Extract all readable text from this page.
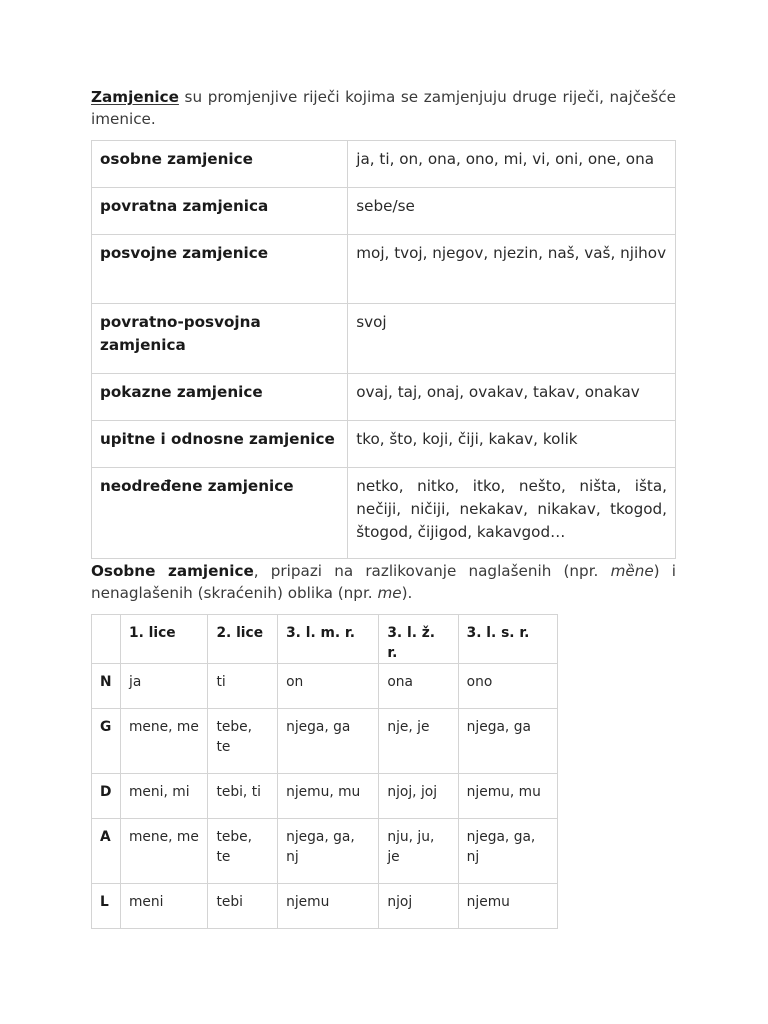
Zamjenice su promjenjive riječi kojima se zamjenjuju druge riječi, najčešće imenice.

osobne zamjenice	ja, ti, on, ona, ono, mi, vi, oni, one, ona
povratna zamjenica	sebe/se
posvojne zamjenice	moj, tvoj, njegov, njezin, naš, vaš, njihov
povratno-posvojna zamjenica	svoj
pokazne zamjenice	ovaj, taj, onaj, ovakav, takav, onakav
upitne i odnosne zamjenice	tko, što, koji, čiji, kakav, kolik
neodređene zamjenice	netko, nitko, itko, nešto, ništa, išta, nečiji, ničiji, nekakav, nikakav, tkogod, štogod, čijigod, kakavgod…

Osobne zamjenice, pripazi na razlikovanje naglašenih (npr. mȅne) i nenaglašenih (skraćenih) oblika (npr. me).

	1. lice	2. lice	3. l. m. r.	3. l. ž. r.	3. l. s. r.
N	ja	ti	on	ona	ono
G	mene, me	tebe, te	njega, ga	nje, je	njega, ga
D	meni, mi	tebi, ti	njemu, mu	njoj, joj	njemu, mu
A	mene, me	tebe, te	njega, ga, nj	nju, ju, je	njega, ga, nj
L	meni	tebi	njemu	njoj	njemu
